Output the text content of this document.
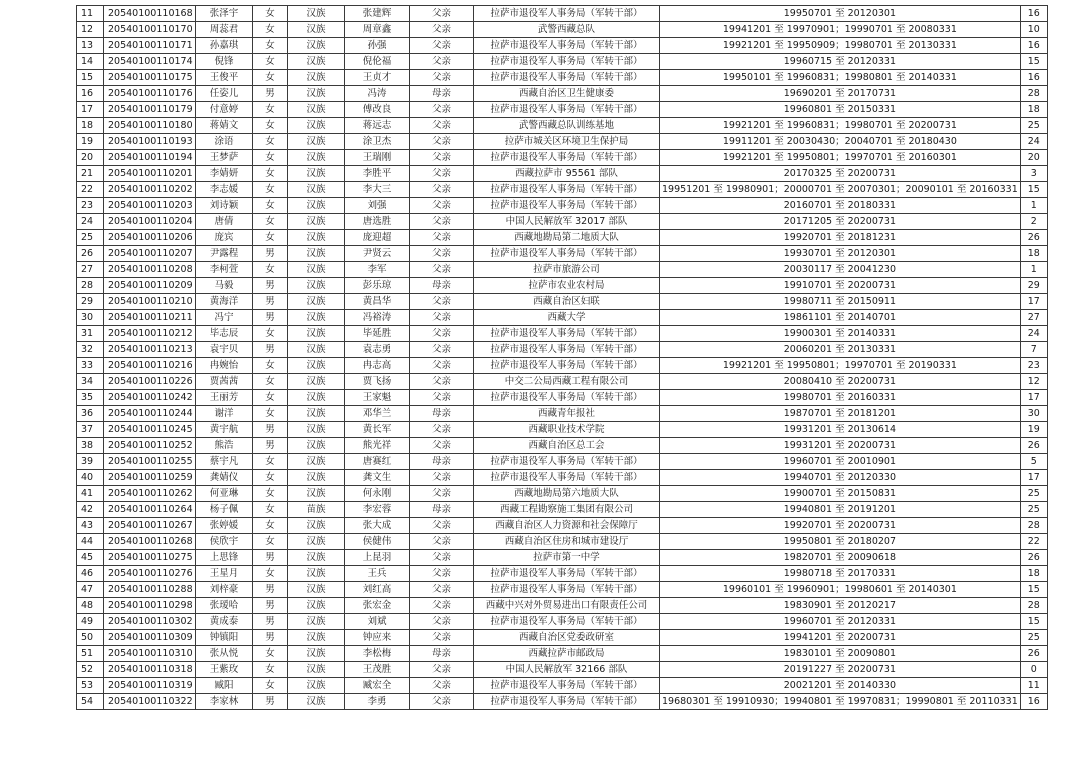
11	20540100110168	张泽宇	女	汉族	张建辉	父亲	拉萨市退役军人事务局（军转干部）	19950701 至 20120301	16
12	20540100110170	周蕊君	女	汉族	周章鑫	父亲	武警西藏总队	19941201 至 19970901；19990701 至 20080331	10
13	20540100110171	孙嘉琪	女	汉族	孙强	父亲	拉萨市退役军人事务局（军转干部）	19921201 至 19950909；19980701 至 20130331	16
14	20540100110174	倪锋	女	汉族	倪伦福	父亲	拉萨市退役军人事务局（军转干部）	19960715 至 20120331	15
15	20540100110175	王俊平	女	汉族	王贞才	父亲	拉萨市退役军人事务局（军转干部）	19950101 至 19960831；19980801 至 20140331	16
16	20540100110176	任姿儿	男	汉族	冯涛	母亲	西藏自治区卫生健康委	19690201 至 20170731	28
17	20540100110179	付意婷	女	汉族	傅改良	父亲	拉萨市退役军人事务局（军转干部）	19960801 至 20150331	18
18	20540100110180	蒋婧文	女	汉族	蒋远志	父亲	武警西藏总队训练基地	19921201 至 19960831；19980701 至 20200731	25
19	20540100110193	涂语	女	汉族	涂卫杰	父亲	拉萨市城关区环境卫生保护局	19911201 至 20030430；20040701 至 20180430	24
20	20540100110194	王梦萨	女	汉族	王瑞刚	父亲	拉萨市退役军人事务局（军转干部）	19921201 至 19950801；19970701 至 20160301	20
21	20540100110201	李婧妍	女	汉族	李胜平	父亲	西藏拉萨市 95561 部队	20170325 至 20200731	3
22	20540100110202	李志媛	女	汉族	李大三	父亲	拉萨市退役军人事务局（军转干部）	19951201 至 19980901；20000701 至 20070301；20090101 至 20160331	15
23	20540100110203	刘诗颖	女	汉族	刘强	父亲	拉萨市退役军人事务局（军转干部）	20160701 至 20180331	1
24	20540100110204	唐倩	女	汉族	唐选胜	父亲	中国人民解放军 32017 部队	20171205 至 20200731	2
25	20540100110206	庞宾	女	汉族	庞迎超	父亲	西藏地勘局第二地质大队	19920701 至 20181231	26
26	20540100110207	尹露程	男	汉族	尹贤云	父亲	拉萨市退役军人事务局（军转干部）	19930701 至 20120301	18
27	20540100110208	李柯萱	女	汉族	李军	父亲	拉萨市旅游公司	20030117 至 20041230	1
28	20540100110209	马毅	男	汉族	彭乐琼	母亲	拉萨市农业农村局	19910701 至 20200731	29
29	20540100110210	黄海洋	男	汉族	黄昌华	父亲	西藏自治区妇联	19980711 至 20150911	17
30	20540100110211	冯宁	男	汉族	冯裕涛	父亲	西藏大学	19861101 至 20140701	27
31	20540100110212	毕志辰	女	汉族	毕延胜	父亲	拉萨市退役军人事务局（军转干部）	19900301 至 20140331	24
32	20540100110213	袁宇贝	男	汉族	袁志勇	父亲	拉萨市退役军人事务局（军转干部）	20060201 至 20130331	7
33	20540100110216	冉婉怡	女	汉族	冉志高	父亲	拉萨市退役军人事务局（军转干部）	19921201 至 19950801；19970701 至 20190331	23
34	20540100110226	贾茜茜	女	汉族	贾飞扬	父亲	中交二公局西藏工程有限公司	20080410 至 20200731	12
35	20540100110242	王丽芳	女	汉族	王家魁	父亲	拉萨市退役军人事务局（军转干部）	19980701 至 20160331	17
36	20540100110244	谢洋	女	汉族	邓华兰	母亲	西藏青年报社	19870701 至 20181201	30
37	20540100110245	黄宇航	男	汉族	黄长军	父亲	西藏职业技术学院	19931201 至 20130614	19
38	20540100110252	熊浩	男	汉族	熊光祥	父亲	西藏自治区总工会	19931201 至 20200731	26
39	20540100110255	蔡宇凡	女	汉族	唐赛红	母亲	拉萨市退役军人事务局（军转干部）	19960701 至 20010901	5
40	20540100110259	龚婧仪	女	汉族	龚文生	父亲	拉萨市退役军人事务局（军转干部）	19940701 至 20120330	17
41	20540100110262	何亚琳	女	汉族	何永刚	父亲	西藏地勘局第六地质大队	19900701 至 20150831	25
42	20540100110264	杨子佩	女	苗族	李宏蓉	母亲	西藏工程勘察施工集团有限公司	19940801 至 20191201	25
43	20540100110267	张婷媛	女	汉族	张大成	父亲	西藏自治区人力资源和社会保障厅	19920701 至 20200731	28
44	20540100110268	侯欣宇	女	汉族	侯健伟	父亲	西藏自治区住房和城市建设厅	19950801 至 20180207	22
45	20540100110275	上思锋	男	汉族	上昆羽	父亲	拉萨市第一中学	19820701 至 20090618	26
46	20540100110276	王星月	女	汉族	王兵	父亲	拉萨市退役军人事务局（军转干部）	19980718 至 20170331	18
47	20540100110288	刘梓豪	男	汉族	刘红高	父亲	拉萨市退役军人事务局（军转干部）	19960101 至 19960901；19980601 至 20140301	15
48	20540100110298	张瑷哈	男	汉族	张宏金	父亲	西藏中兴对外贸易进出口有限责任公司	19830901 至 20120217	28
49	20540100110302	黄成泰	男	汉族	刘斌	父亲	拉萨市退役军人事务局（军转干部）	19960701 至 20120331	15
50	20540100110309	钟镇阳	男	汉族	钟应来	父亲	西藏自治区党委政研室	19941201 至 20200731	25
51	20540100110310	张从悦	女	汉族	李松梅	母亲	西藏拉萨市邮政局	19830101 至 20090801	26
52	20540100110318	王紫玫	女	汉族	王茂胜	父亲	中国人民解放军 32166 部队	20191227 至 20200731	0
53	20540100110319	臧阳	女	汉族	臧宏全	父亲	拉萨市退役军人事务局（军转干部）	20021201 至 20140330	11
54	20540100110322	李家林	男	汉族	李勇	父亲	拉萨市退役军人事务局（军转干部）	19680301 至 19910930；19940801 至 19970831；19990801 至 20110331	16
